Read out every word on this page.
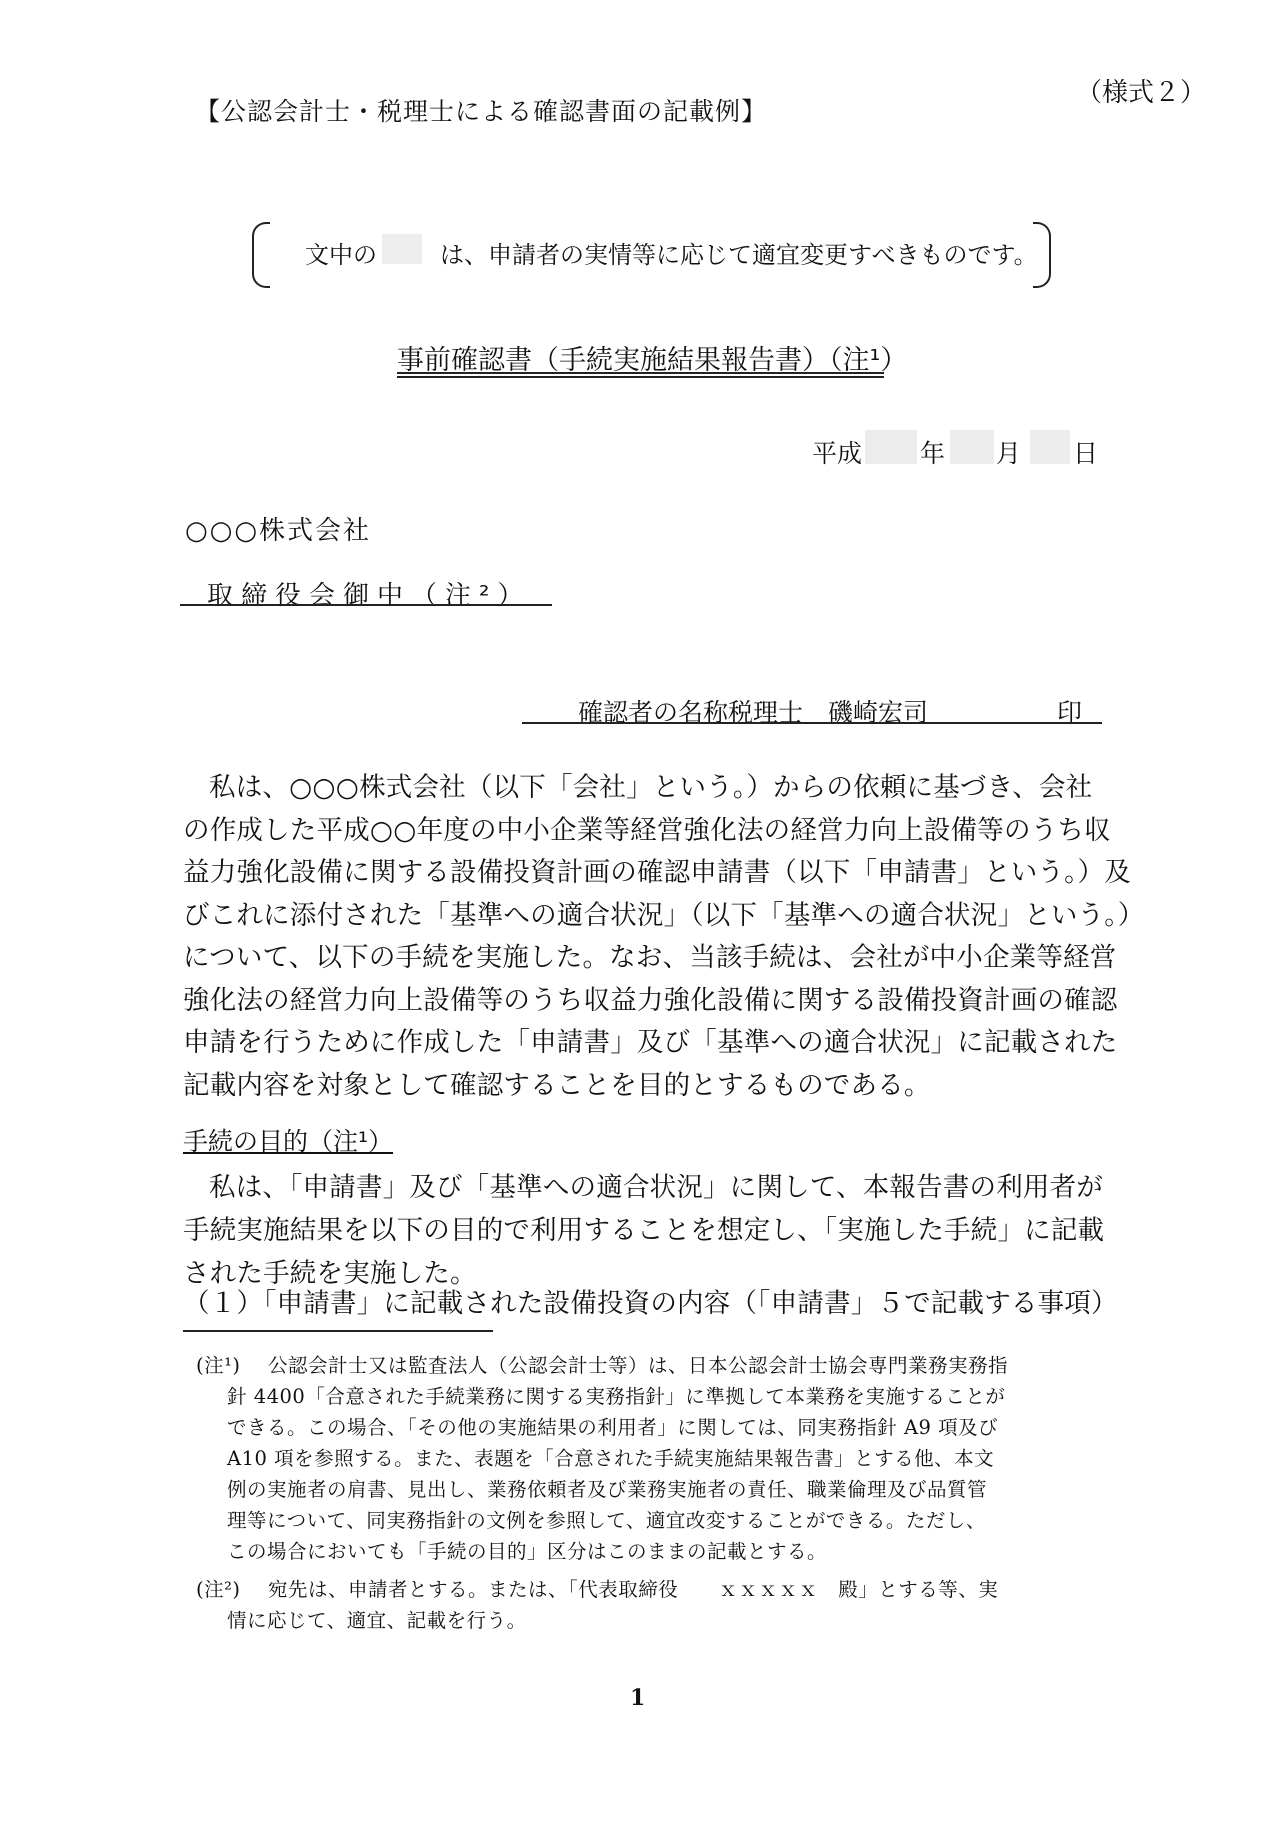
【公認会計士・税理士による確認書面の記載例】
（様式２）
文中の	は、申請者の実情等に応じて適宜変更すべきものです。
事前確認書（手続実施結果報告書）（注¹）
平成 年 月 日
○○○株式会社
取締役会御中（注²）
確認者の名称税理士　磯崎宏司	印
私は、○○○株式会社（以下「会社」という。）からの依頼に基づき、会社
の作成した平成○○年度の中小企業等経営強化法の経営力向上設備等のうち収
益力強化設備に関する設備投資計画の確認申請書（以下「申請書」という。）及
びこれに添付された「基準への適合状況」（以下「基準への適合状況」という。）
について、以下の手続を実施した。なお、当該手続は、会社が中小企業等経営
強化法の経営力向上設備等のうち収益力強化設備に関する設備投資計画の確認
申請を行うために作成した「申請書」及び「基準への適合状況」に記載された
記載内容を対象として確認することを目的とするものである。
手続の目的（注¹）
私は、「申請書」及び「基準への適合状況」に関して、本報告書の利用者が
手続実施結果を以下の目的で利用することを想定し、「実施した手続」に記載
された手続を実施した。
（１）「申請書」に記載された設備投資の内容（「申請書」５で記載する事項）
(注¹) 公認会計士又は監査法人（公認会計士等）は、日本公認会計士協会専門業務実務指
針 4400「合意された手続業務に関する実務指針」に準拠して本業務を実施することが
できる。この場合、「その他の実施結果の利用者」に関しては、同実務指針 A9 項及び
A10 項を参照する。また、表題を「合意された手続実施結果報告書」とする他、本文
例の実施者の肩書、見出し、業務依頼者及び業務実施者の責任、職業倫理及び品質管
理等について、同実務指針の文例を参照して、適宜改変することができる。ただし、
この場合においても「手続の目的」区分はこのままの記載とする。
(注²) 宛先は、申請者とする。または、「代表取締役　　ｘｘｘｘｘ　殿」とする等、実
情に応じて、適宜、記載を行う。
1
